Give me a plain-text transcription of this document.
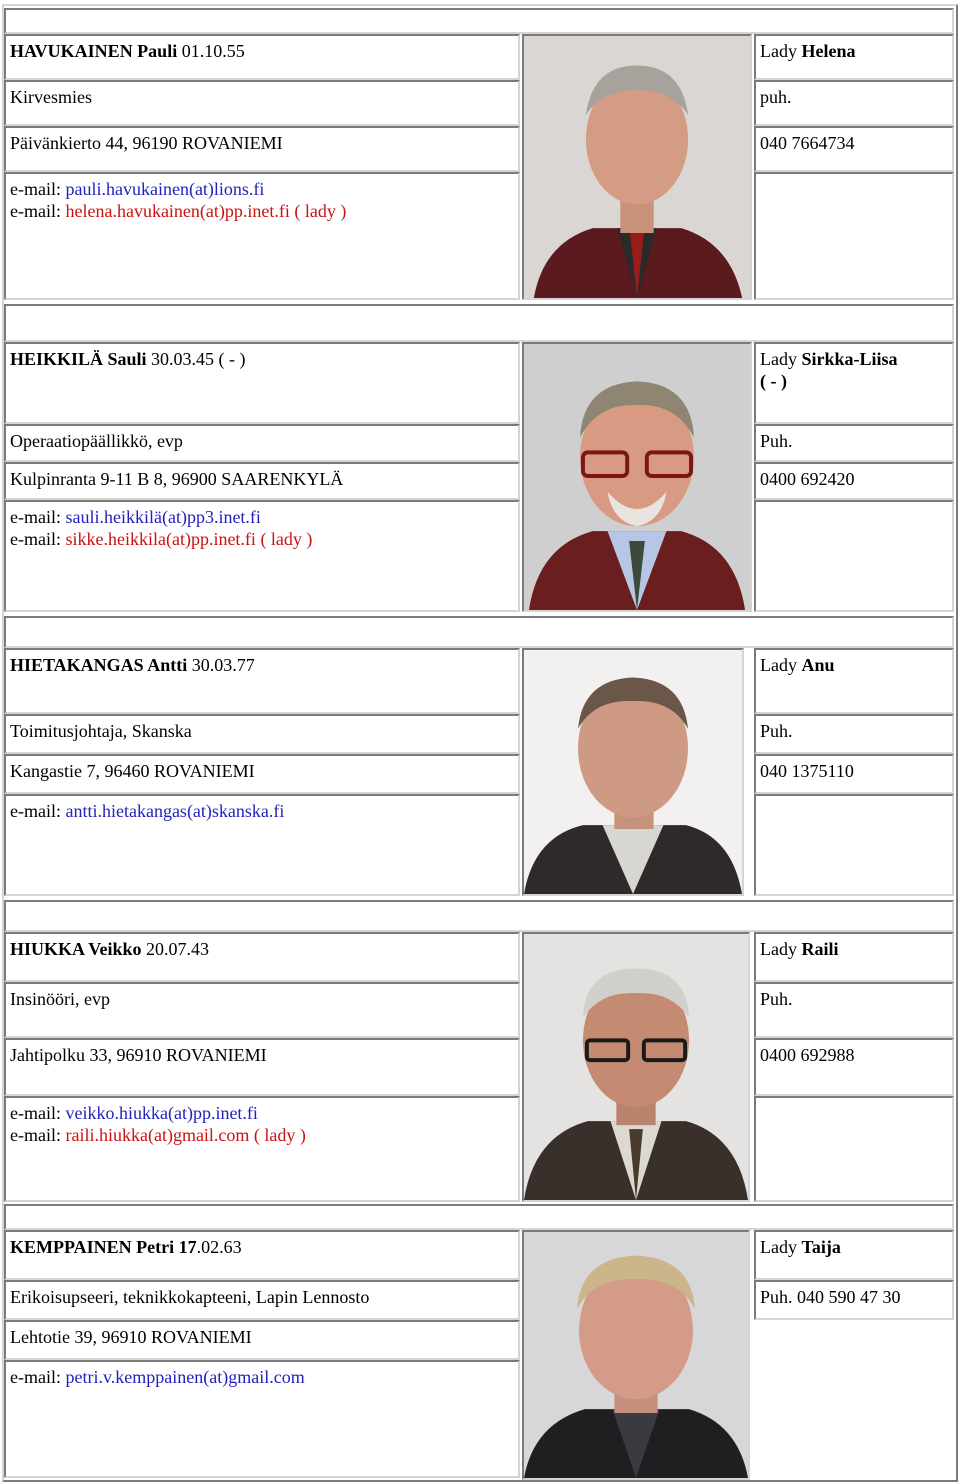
HAVUKAINEN Pauli 01.10.55	Lady Helena
Kirvesmies	puh.
Päivänkierto 44, 96190 ROVANIEMI	040 7664734
e-mail: pauli.havukainen(at)lions.fi
e-mail: helena.havukainen(at)pp.inet.fi ( lady )
HEIKKILÄ Sauli 30.03.45 ( - )	Lady Sirkka-Liisa
( - )
Operaatiopäällikkö, evp	Puh.
Kulpinranta 9-11 B 8, 96900 SAARENKYLÄ	0400 692420
e-mail: sauli.heikkilä(at)pp3.inet.fi
e-mail: sikke.heikkila(at)pp.inet.fi ( lady )
HIETAKANGAS Antti 30.03.77	Lady Anu
Toimitusjohtaja, Skanska	Puh.
Kangastie 7, 96460 ROVANIEMI	040 1375110
e-mail: antti.hietakangas(at)skanska.fi
HIUKKA Veikko 20.07.43	Lady Raili
Insinööri, evp	Puh.
Jahtipolku 33, 96910 ROVANIEMI	0400 692988
e-mail: veikko.hiukka(at)pp.inet.fi
e-mail: raili.hiukka(at)gmail.com ( lady )
KEMPPAINEN Petri 17.02.63	Lady Taija
Erikoisupseeri, teknikkokapteeni, Lapin Lennosto	Puh. 040 590 47 30
Lehtotie 39, 96910 ROVANIEMI
e-mail: petri.v.kemppainen(at)gmail.com
